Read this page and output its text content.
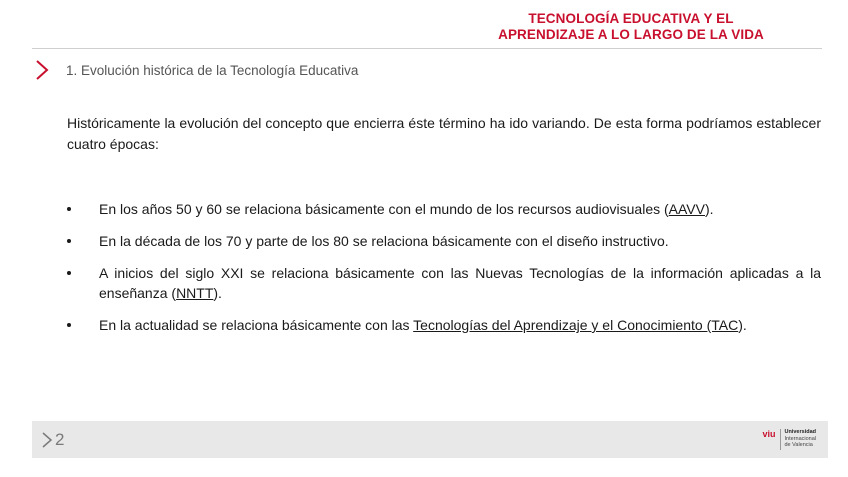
TECNOLOGÍA EDUCATIVA Y EL
APRENDIZAJE A LO LARGO DE LA VIDA
1. Evolución histórica de la Tecnología Educativa

Históricamente la evolución del concepto que encierra éste término ha ido variando. De esta forma podríamos establecer cuatro épocas:

En los años 50 y 60 se relaciona básicamente con el mundo de los recursos audiovisuales (AAVV).
En la década de los 70 y parte de los 80 se relaciona básicamente con el diseño instructivo.
A inicios del siglo XXI se relaciona básicamente con las Nuevas Tecnologías de la información aplicadas a la enseñanza (NNTT).
En la actualidad se relaciona básicamente con las Tecnologías del Aprendizaje y el Conocimiento (TAC).
2	viu Universidad
Internacional
de Valencia
